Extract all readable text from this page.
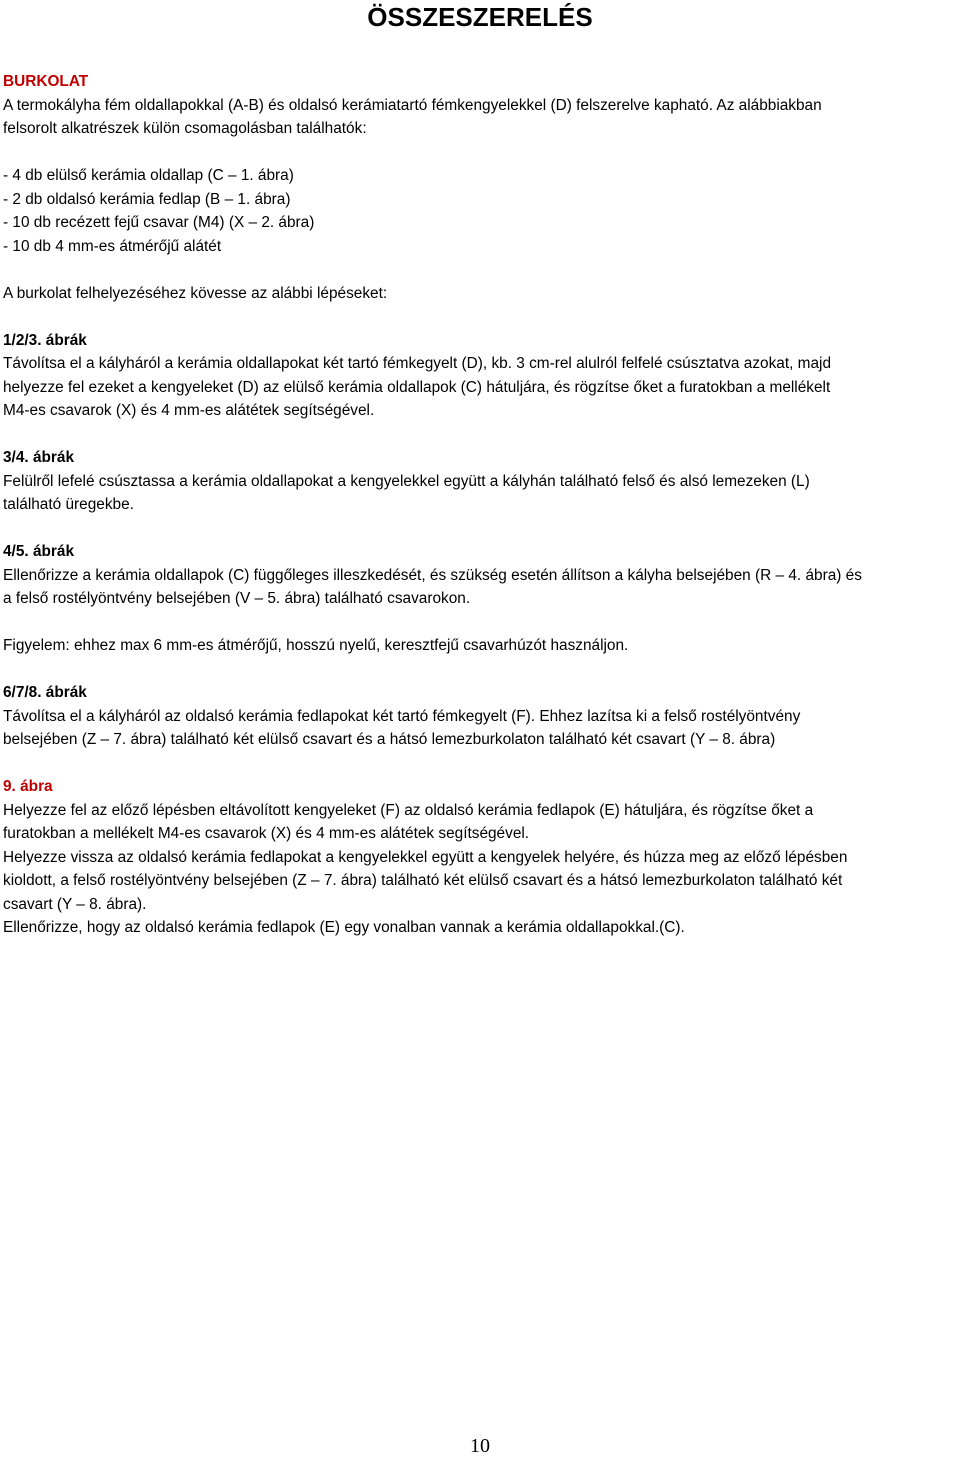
ÖSSZESZERELÉS
BURKOLAT
A termokályha fém oldallapokkal (A-B) és oldalsó kerámiatartó fémkengyelekkel (D) felszerelve kapható. Az alábbiakban
felsorolt alkatrészek külön csomagolásban találhatók:
- 4 db elülső kerámia oldallap (C – 1. ábra)
- 2 db oldalsó kerámia fedlap (B – 1. ábra)
- 10 db recézett fejű csavar (M4) (X – 2. ábra)
- 10 db 4 mm-es átmérőjű alátét
A burkolat felhelyezéséhez kövesse az alábbi lépéseket:
1/2/3. ábrák
Távolítsa el a kályháról a kerámia oldallapokat két tartó fémkegyelt (D), kb. 3 cm-rel alulról felfelé csúsztatva azokat, majd
helyezze fel ezeket a kengyeleket (D) az elülső kerámia oldallapok (C) hátuljára, és rögzítse őket a furatokban a mellékelt
M4-es csavarok (X) és 4 mm-es alátétek segítségével.
3/4. ábrák
Felülről lefelé csúsztassa a kerámia oldallapokat a kengyelekkel együtt a kályhán található felső és alsó lemezeken (L)
található üregekbe.
4/5. ábrák
Ellenőrizze a kerámia oldallapok (C) függőleges illeszkedését, és szükség esetén állítson a kályha belsejében (R – 4. ábra) és
a felső rostélyöntvény belsejében (V – 5. ábra) található csavarokon.
Figyelem: ehhez max 6 mm-es átmérőjű, hosszú nyelű, keresztfejű csavarhúzót használjon.
6/7/8. ábrák
Távolítsa el a kályháról az oldalsó kerámia fedlapokat két tartó fémkegyelt (F). Ehhez lazítsa ki a felső rostélyöntvény
belsejében (Z – 7. ábra) található két elülső csavart és a hátsó lemezburkolaton található két csavart (Y – 8. ábra)
9. ábra
Helyezze fel az előző lépésben eltávolított kengyeleket (F) az oldalsó kerámia fedlapok (E) hátuljára, és rögzítse őket a
furatokban a mellékelt M4-es csavarok (X) és 4 mm-es alátétek segítségével.
Helyezze vissza az oldalsó kerámia fedlapokat a kengyelekkel együtt a kengyelek helyére, és húzza meg az előző lépésben
kioldott, a felső rostélyöntvény belsejében (Z – 7. ábra) található két elülső csavart és a hátsó lemezburkolaton található két
csavart (Y – 8. ábra).
Ellenőrizze, hogy az oldalsó kerámia fedlapok (E) egy vonalban vannak a kerámia oldallapokkal.(C).
10
